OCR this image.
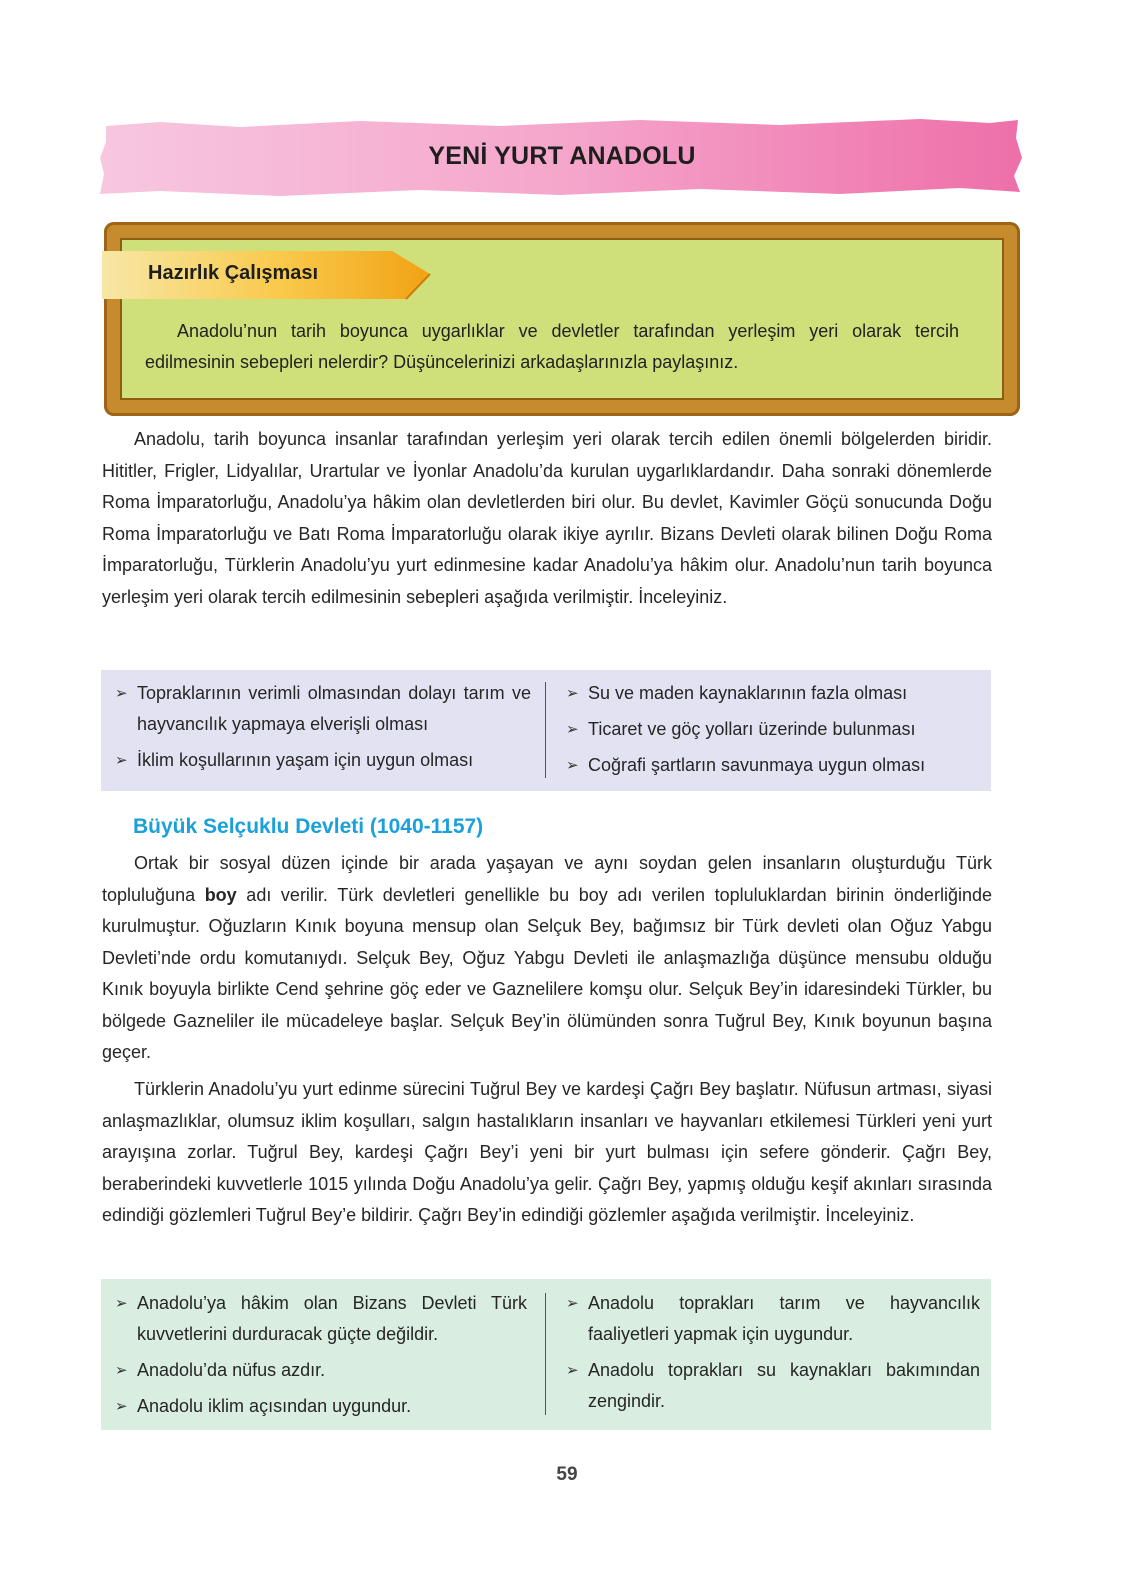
YENİ YURT ANADOLU
Hazırlık Çalışması
Anadolu’nun tarih boyunca uygarlıklar ve devletler tarafından yerleşim yeri olarak tercih edilmesinin sebepleri nelerdir? Düşüncelerinizi arkadaşlarınızla paylaşınız.

Anadolu, tarih boyunca insanlar tarafından yerleşim yeri olarak tercih edilen önemli bölgelerden biridir. Hititler, Frigler, Lidyalılar, Urartular ve İyonlar Anadolu’da kurulan uygarlıklardandır. Daha sonraki dönemlerde Roma İmparatorluğu, Anadolu’ya hâkim olan devletlerden biri olur. Bu devlet, Kavimler Göçü sonucunda Doğu Roma İmparatorluğu ve Batı Roma İmparatorluğu olarak ikiye ayrılır. Bizans Devleti olarak bilinen Doğu Roma İmparatorluğu, Türklerin Anadolu’yu yurt edinmesine kadar Anadolu’ya hâkim olur. Anadolu’nun tarih boyunca yerleşim yeri olarak tercih edilmesinin sebepleri aşağıda verilmiştir. İnceleyiniz.

➢ Topraklarının verimli olmasından dolayı tarım ve hayvancılık yapmaya elverişli olması
➢ İklim koşullarının yaşam için uygun olması
➢ Su ve maden kaynaklarının fazla olması
➢ Ticaret ve göç yolları üzerinde bulunması
➢ Coğrafi şartların savunmaya uygun olması
Büyük Selçuklu Devleti (1040-1157)

Ortak bir sosyal düzen içinde bir arada yaşayan ve aynı soydan gelen insanların oluşturduğu Türk topluluğuna boy adı verilir. Türk devletleri genellikle bu boy adı verilen topluluklardan birinin önderliğinde kurulmuştur. Oğuzların Kınık boyuna mensup olan Selçuk Bey, bağımsız bir Türk devleti olan Oğuz Yabgu Devleti’nde ordu komutanıydı. Selçuk Bey, Oğuz Yabgu Devleti ile anlaşmazlığa düşünce mensubu olduğu Kınık boyuyla birlikte Cend şehrine göç eder ve Gaznelilere komşu olur. Selçuk Bey’in idaresindeki Türkler, bu bölgede Gazneliler ile mücadeleye başlar. Selçuk Bey’in ölümünden sonra Tuğrul Bey, Kınık boyunun başına geçer.

Türklerin Anadolu’yu yurt edinme sürecini Tuğrul Bey ve kardeşi Çağrı Bey başlatır. Nüfusun artması, siyasi anlaşmazlıklar, olumsuz iklim koşulları, salgın hastalıkların insanları ve hayvanları etkilemesi Türkleri yeni yurt arayışına zorlar. Tuğrul Bey, kardeşi Çağrı Bey’i yeni bir yurt bulması için sefere gönderir. Çağrı Bey, beraberindeki kuvvetlerle 1015 yılında Doğu Anadolu’ya gelir. Çağrı Bey, yapmış olduğu keşif akınları sırasında edindiği gözlemleri Tuğrul Bey’e bildirir. Çağrı Bey’in edindiği gözlemler aşağıda verilmiştir. İnceleyiniz.

➢ Anadolu’ya hâkim olan Bizans Devleti Türk kuvvetlerini durduracak güçte değildir.
➢ Anadolu’da nüfus azdır.
➢ Anadolu iklim açısından uygundur.
➢ Anadolu toprakları tarım ve hayvancılık faaliyetleri yapmak için uygundur.
➢ Anadolu toprakları su kaynakları bakımından zengindir.
59
